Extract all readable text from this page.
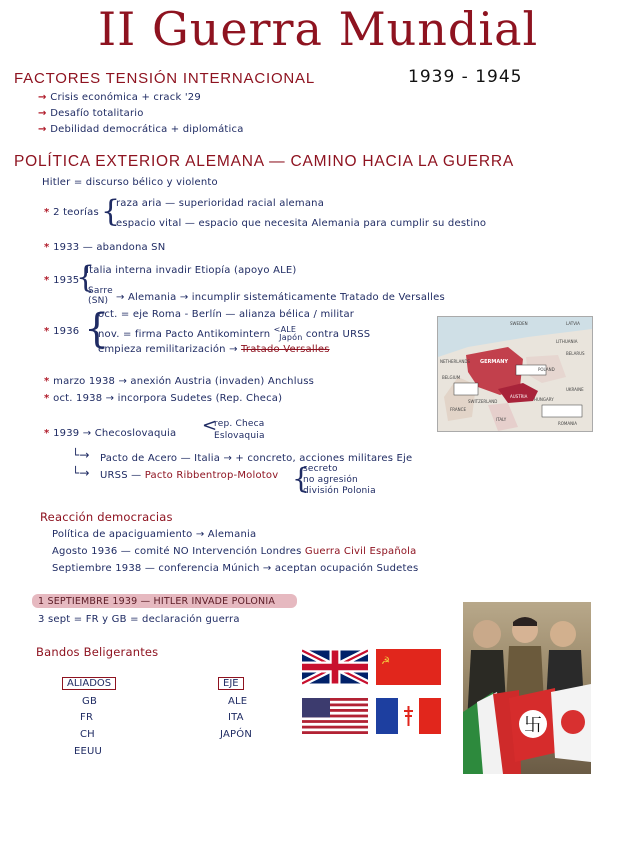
II Guerra Mundial
FACTORES TENSIÓN INTERNACIONAL	1939 - 1945
→ Crisis económica + crack '29
→ Desafío totalitario
→ Debilidad democrática + diplomática
POLÍTICA EXTERIOR ALEMANA — CAMINO HACIA LA GUERRA
Hitler = discurso bélico y violento
* 2 teorías {
raza aria — superioridad racial alemana
espacio vital — espacio que necesita Alemania para cumplir su destino
* 1933 — abandona SN
* 1935
{
Italia interna invadir Etiopía (apoyo ALE)
Sarre (SN) → Alemania → incumplir sistemáticamente Tratado de Versalles
* 1936 {
oct. = eje Roma - Berlín — alianza bélica / militar
nov. = firma Pacto Antikomintern <ALE
Japón contra URSS
empieza remilitarización → Tratado Versalles
GERMANY
AUSTRIA
POLAND
ITALY
FRANCE
SWEDEN	LATVIA
LITHUANIA
BELARUS
UKRAINE
HUNGARY
ROMANIA
SWITZERLAND
NETHERLANDS
BELGIUM
* marzo 1938 → anexión Austria (invaden) Anchluss
* oct. 1938 → incorpora Sudetes (Rep. Checa)
* 1939 → Checoslovaquia <
rep. Checa
Eslovaquia
└→ Pacto de Acero — Italia → + concreto, acciones militares Eje
└→ URSS — Pacto Ribbentrop-Molotov {
secreto
no agresión
división Polonia
Reacción democracias
Política de apaciguamiento → Alemania
Agosto 1936 — comité NO Intervención Londres Guerra Civil Española
Septiembre 1938 — conferencia Múnich → aceptan ocupación Sudetes
1 SEPTIEMBRE 1939 — HITLER INVADE POLONIA
3 sept = FR y GB = declaración guerra
Bandos Beligerantes
ALIADOS
GB
FR
CH
EEUU
EJE
ALE
ITA
JAPÓN
☭
卐
